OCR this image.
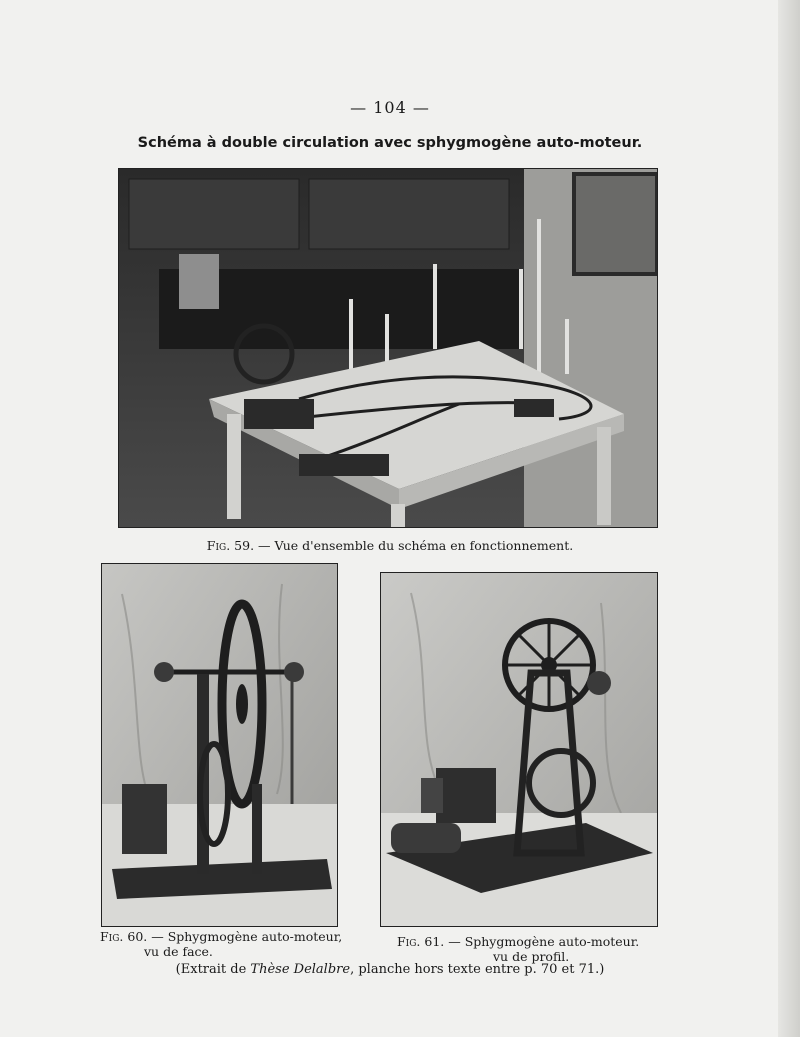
— 104 —
Schéma à double circulation avec sphygmogène auto-moteur.
Fig. 59. — Vue d'ensemble du schéma en fonctionnement.
Fig. 60. — Sphygmogène auto-moteur,
vu de face.
Fig. 61. — Sphygmogène auto-moteur.
vu de profil.
(Extrait de Thèse Delalbre, planche hors texte entre p. 70 et 71.)
